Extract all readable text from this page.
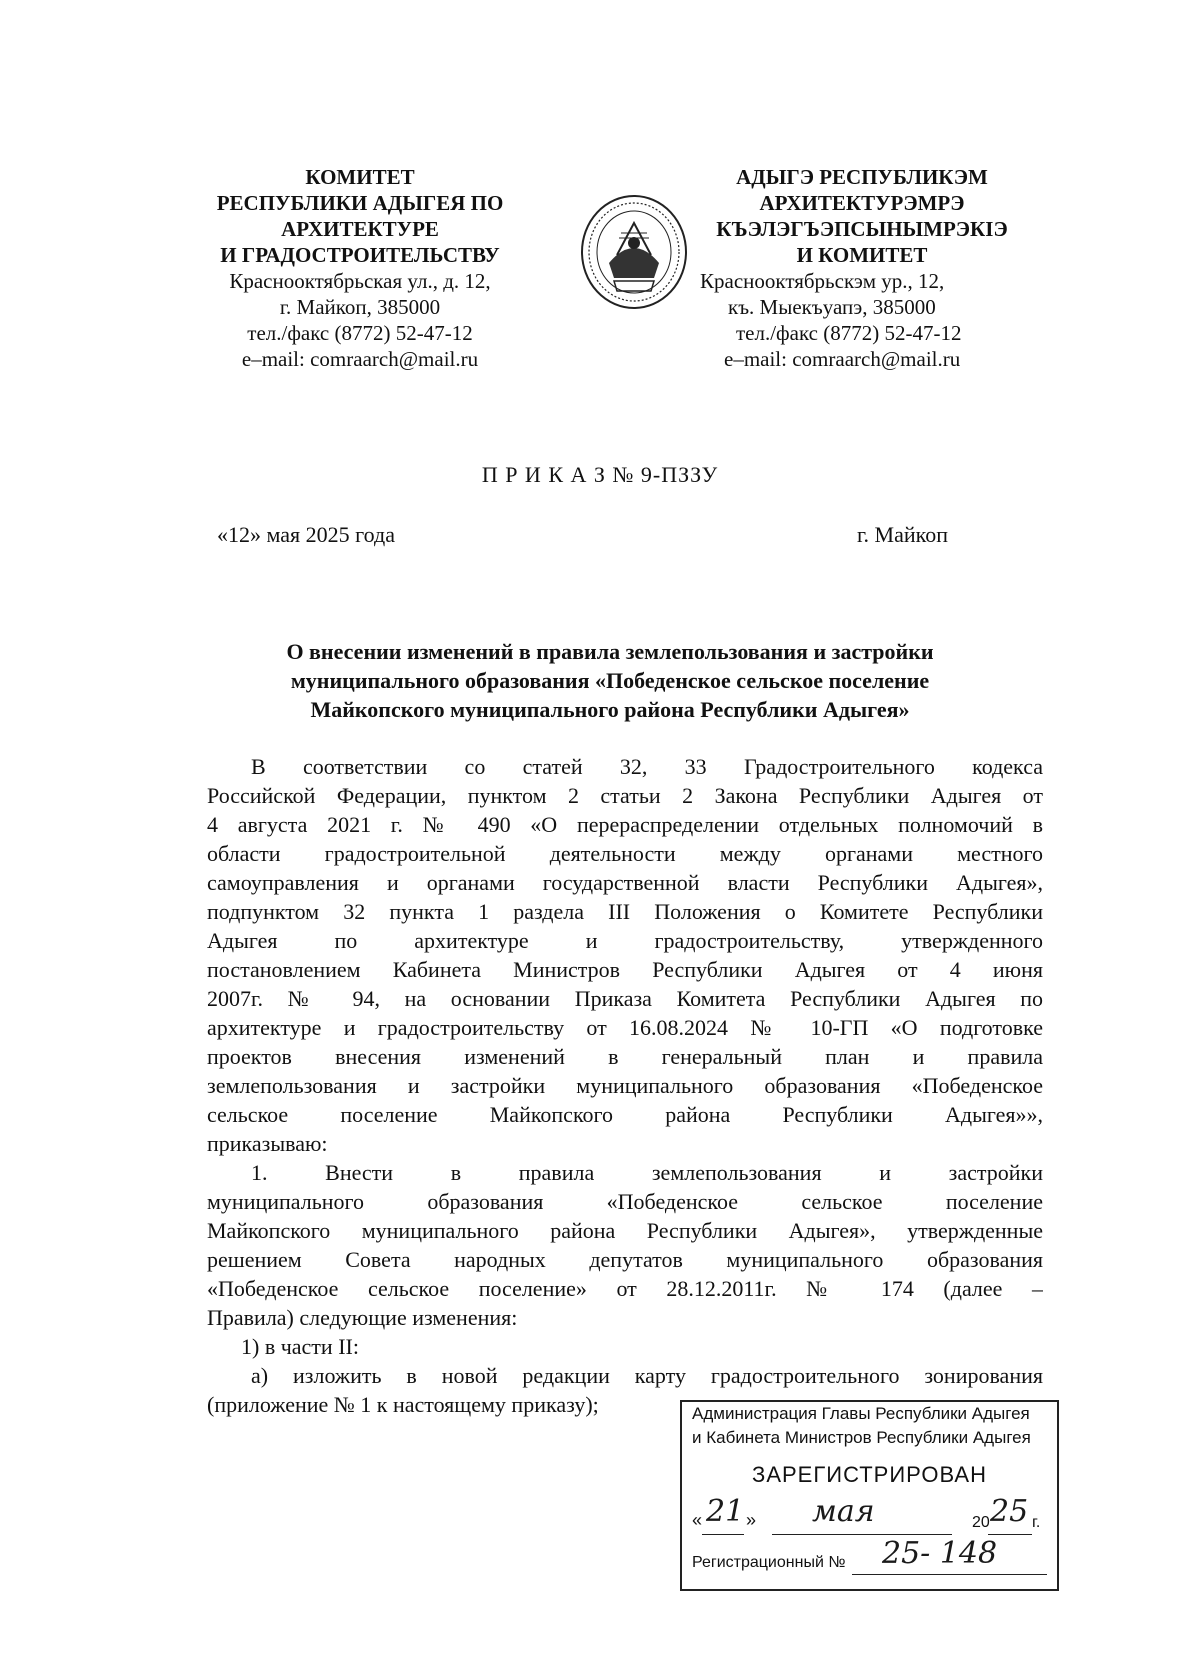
КОМИТЕТ
РЕСПУБЛИКИ АДЫГЕЯ ПО
АРХИТЕКТУРЕ
И ГРАДОСТРОИТЕЛЬСТВУ
Краснооктябрьская ул., д. 12,
г. Майкоп, 385000
тел./факс (8772) 52-47-12
e–mail: comraarch@mail.ru
АДЫГЭ РЕСПУБЛИКЭМ
АРХИТЕКТУРЭМРЭ
КЪЭЛЭГЪЭПСЫНЫМРЭКIЭ
И КОМИТЕТ
Краснооктябрьскэм ур., 12,
къ. Мыекъуапэ, 385000
тел./факс (8772) 52-47-12
e–mail: comraarch@mail.ru
П Р И К А З № 9-ПЗЗУ
«12» мая 2025 года	г. Майкоп
О внесении изменений в правила землепользования и застройки
муниципального образования «Победенское сельское поселение
Майкопского муниципального района Республики Адыгея»
В соответствии со статей 32, 33 Градостроительного кодекса
Российской Федерации, пунктом 2 статьи 2 Закона Республики Адыгея от
4 августа 2021 г. № 490 «О перераспределении отдельных полномочий в
области градостроительной деятельности между органами местного
самоуправления и органами государственной власти Республики Адыгея»,
подпунктом 32 пункта 1 раздела III Положения о Комитете Республики
Адыгея по архитектуре и градостроительству, утвержденного
постановлением Кабинета Министров Республики Адыгея от 4 июня
2007г. № 94, на основании Приказа Комитета Республики Адыгея по
архитектуре и градостроительству от 16.08.2024 № 10-ГП «О подготовке
проектов внесения изменений в генеральный план и правила
землепользования и застройки муниципального образования «Победенское
сельское поселение Майкопского района Республики Адыгея»»,
приказываю:
1. Внести в правила землепользования и застройки
муниципального образования «Победенское сельское поселение
Майкопского муниципального района Республики Адыгея», утвержденные
решением Совета народных депутатов муниципального образования
«Победенское сельское поселение» от 28.12.2011г. № 174 (далее –
Правила) следующие изменения:
1) в части II:
а) изложить в новой редакции карту градостроительного зонирования
(приложение № 1 к настоящему приказу);	Администрация Главы Республики Адыгея
и Кабинета Министров Республики Адыгея
ЗАРЕГИСТРИРОВАН
« 21 » мая	20 25 г.
Регистрационный № 25- 148
